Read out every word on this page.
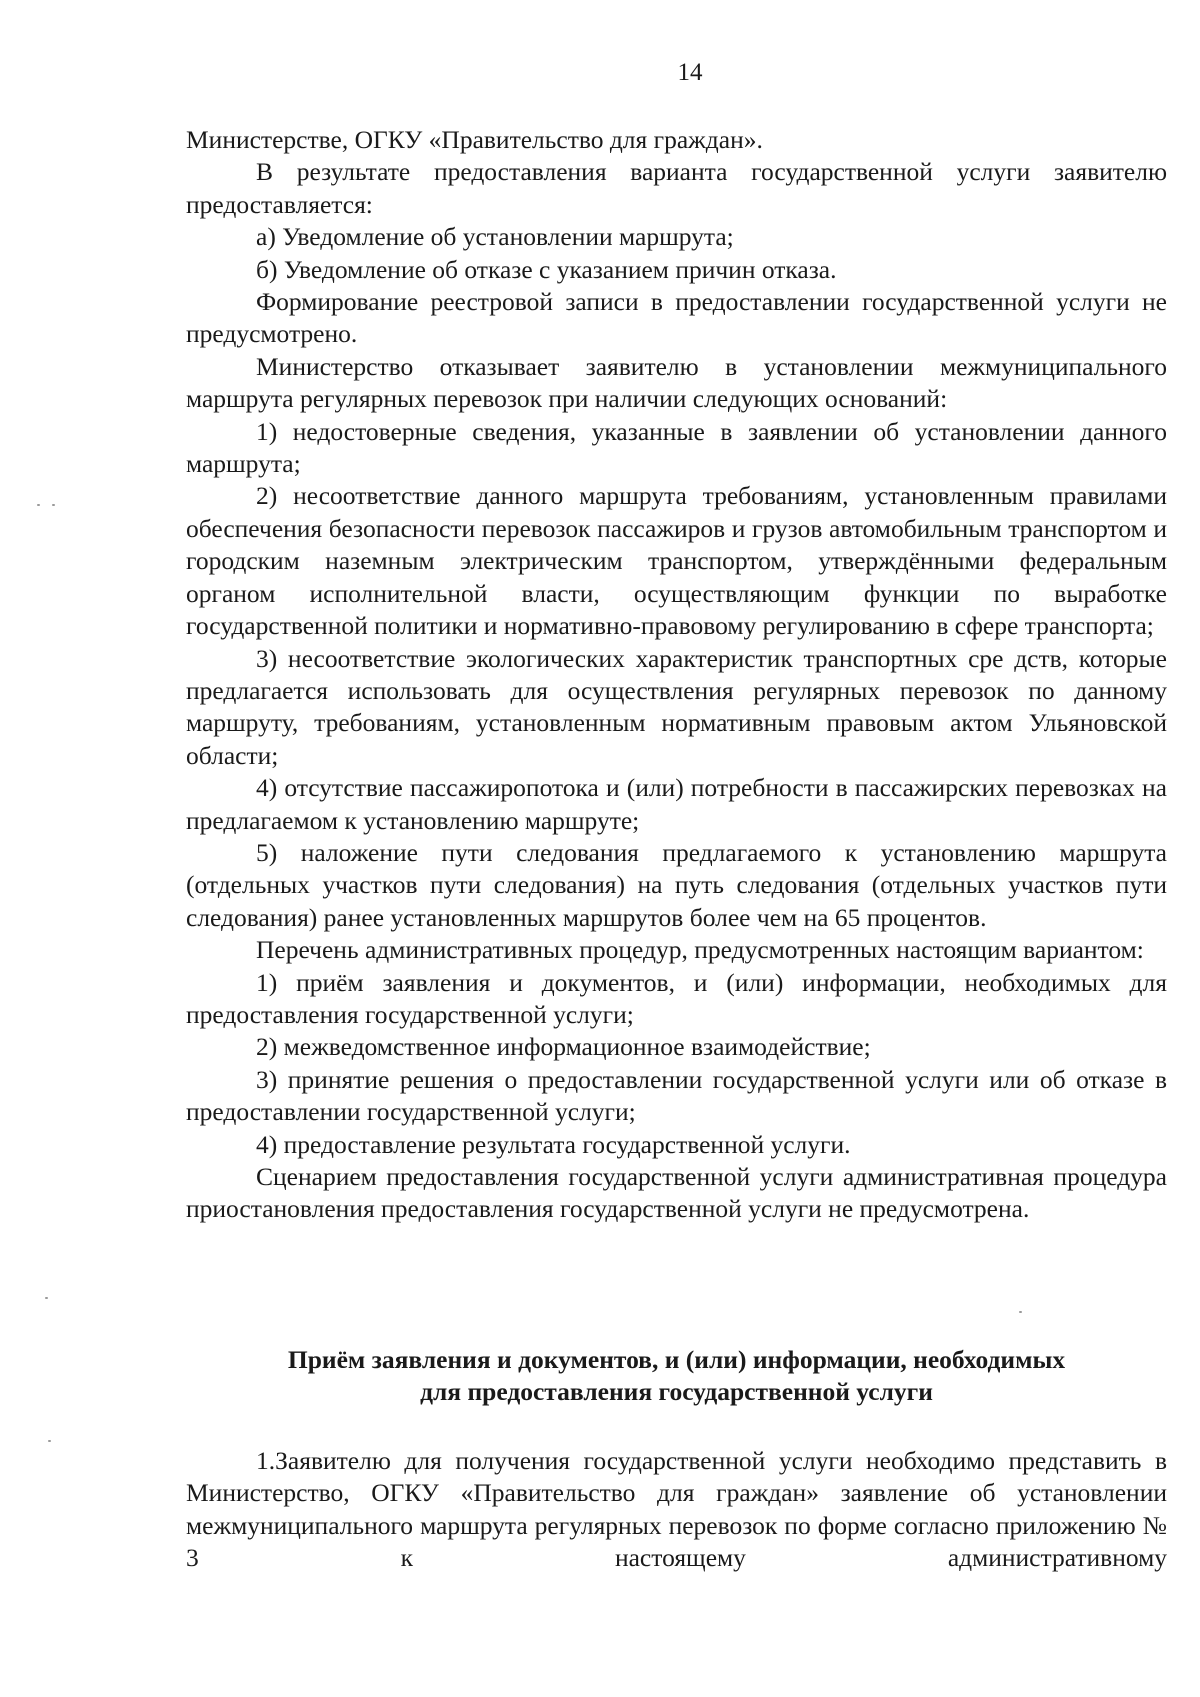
14

Министерстве, ОГКУ «Правительство для граждан».

В результате предоставления варианта государственной услуги заявителю предоставляется:

а) Уведомление об установлении маршрута;

б) Уведомление об отказе с указанием причин отказа.

Формирование реестровой записи в предоставлении государственной услуги не предусмотрено.

Министерство отказывает заявителю в установлении межмуниципального маршрута регулярных перевозок при наличии следующих оснований:

1) недостоверные сведения, указанные в заявлении об установлении данного маршрута;

2) несоответствие данного маршрута требованиям, установленным правилами обеспечения безопасности перевозок пассажиров и грузов автомобильным транспортом и городским наземным электрическим транспортом, утверждёнными федеральным органом исполнительной власти, осуществляющим функции по выработке государственной политики и нормативно-правовому регулированию в сфере транспорта;

3) несоответствие экологических характеристик транспортных сре дств, которые предлагается использовать для осуществления регулярных перевозок по данному маршруту, требованиям, установленным нормативным правовым актом Ульяновской области;

4) отсутствие пассажиропотока и (или) потребности в пассажирских перевозках на предлагаемом к установлению маршруте;

5) наложение пути следования предлагаемого к установлению маршрута (отдельных участков пути следования) на путь следования (отдельных участков пути следования) ранее установленных маршрутов более чем на 65 процентов.

Перечень административных процедур, предусмотренных настоящим вариантом:

1) приём заявления и документов, и (или) информации, необходимых для предоставления государственной услуги;

2) межведомственное информационное взаимодействие;

3) принятие решения о предоставлении государственной услуги или об отказе в предоставлении государственной услуги;

4) предоставление результата государственной услуги.

Сценарием предоставления государственной услуги административная процедура приостановления предоставления государственной услуги не предусмотрена.

Приём заявления и документов, и (или) информации, необходимых
для предоставления государственной услуги

1.Заявителю для получения государственной услуги необходимо представить в Министерство, ОГКУ «Правительство для граждан» заявление об установлении межмуниципального маршрута регулярных перевозок по форме согласно приложению № 3 к настоящему административному
